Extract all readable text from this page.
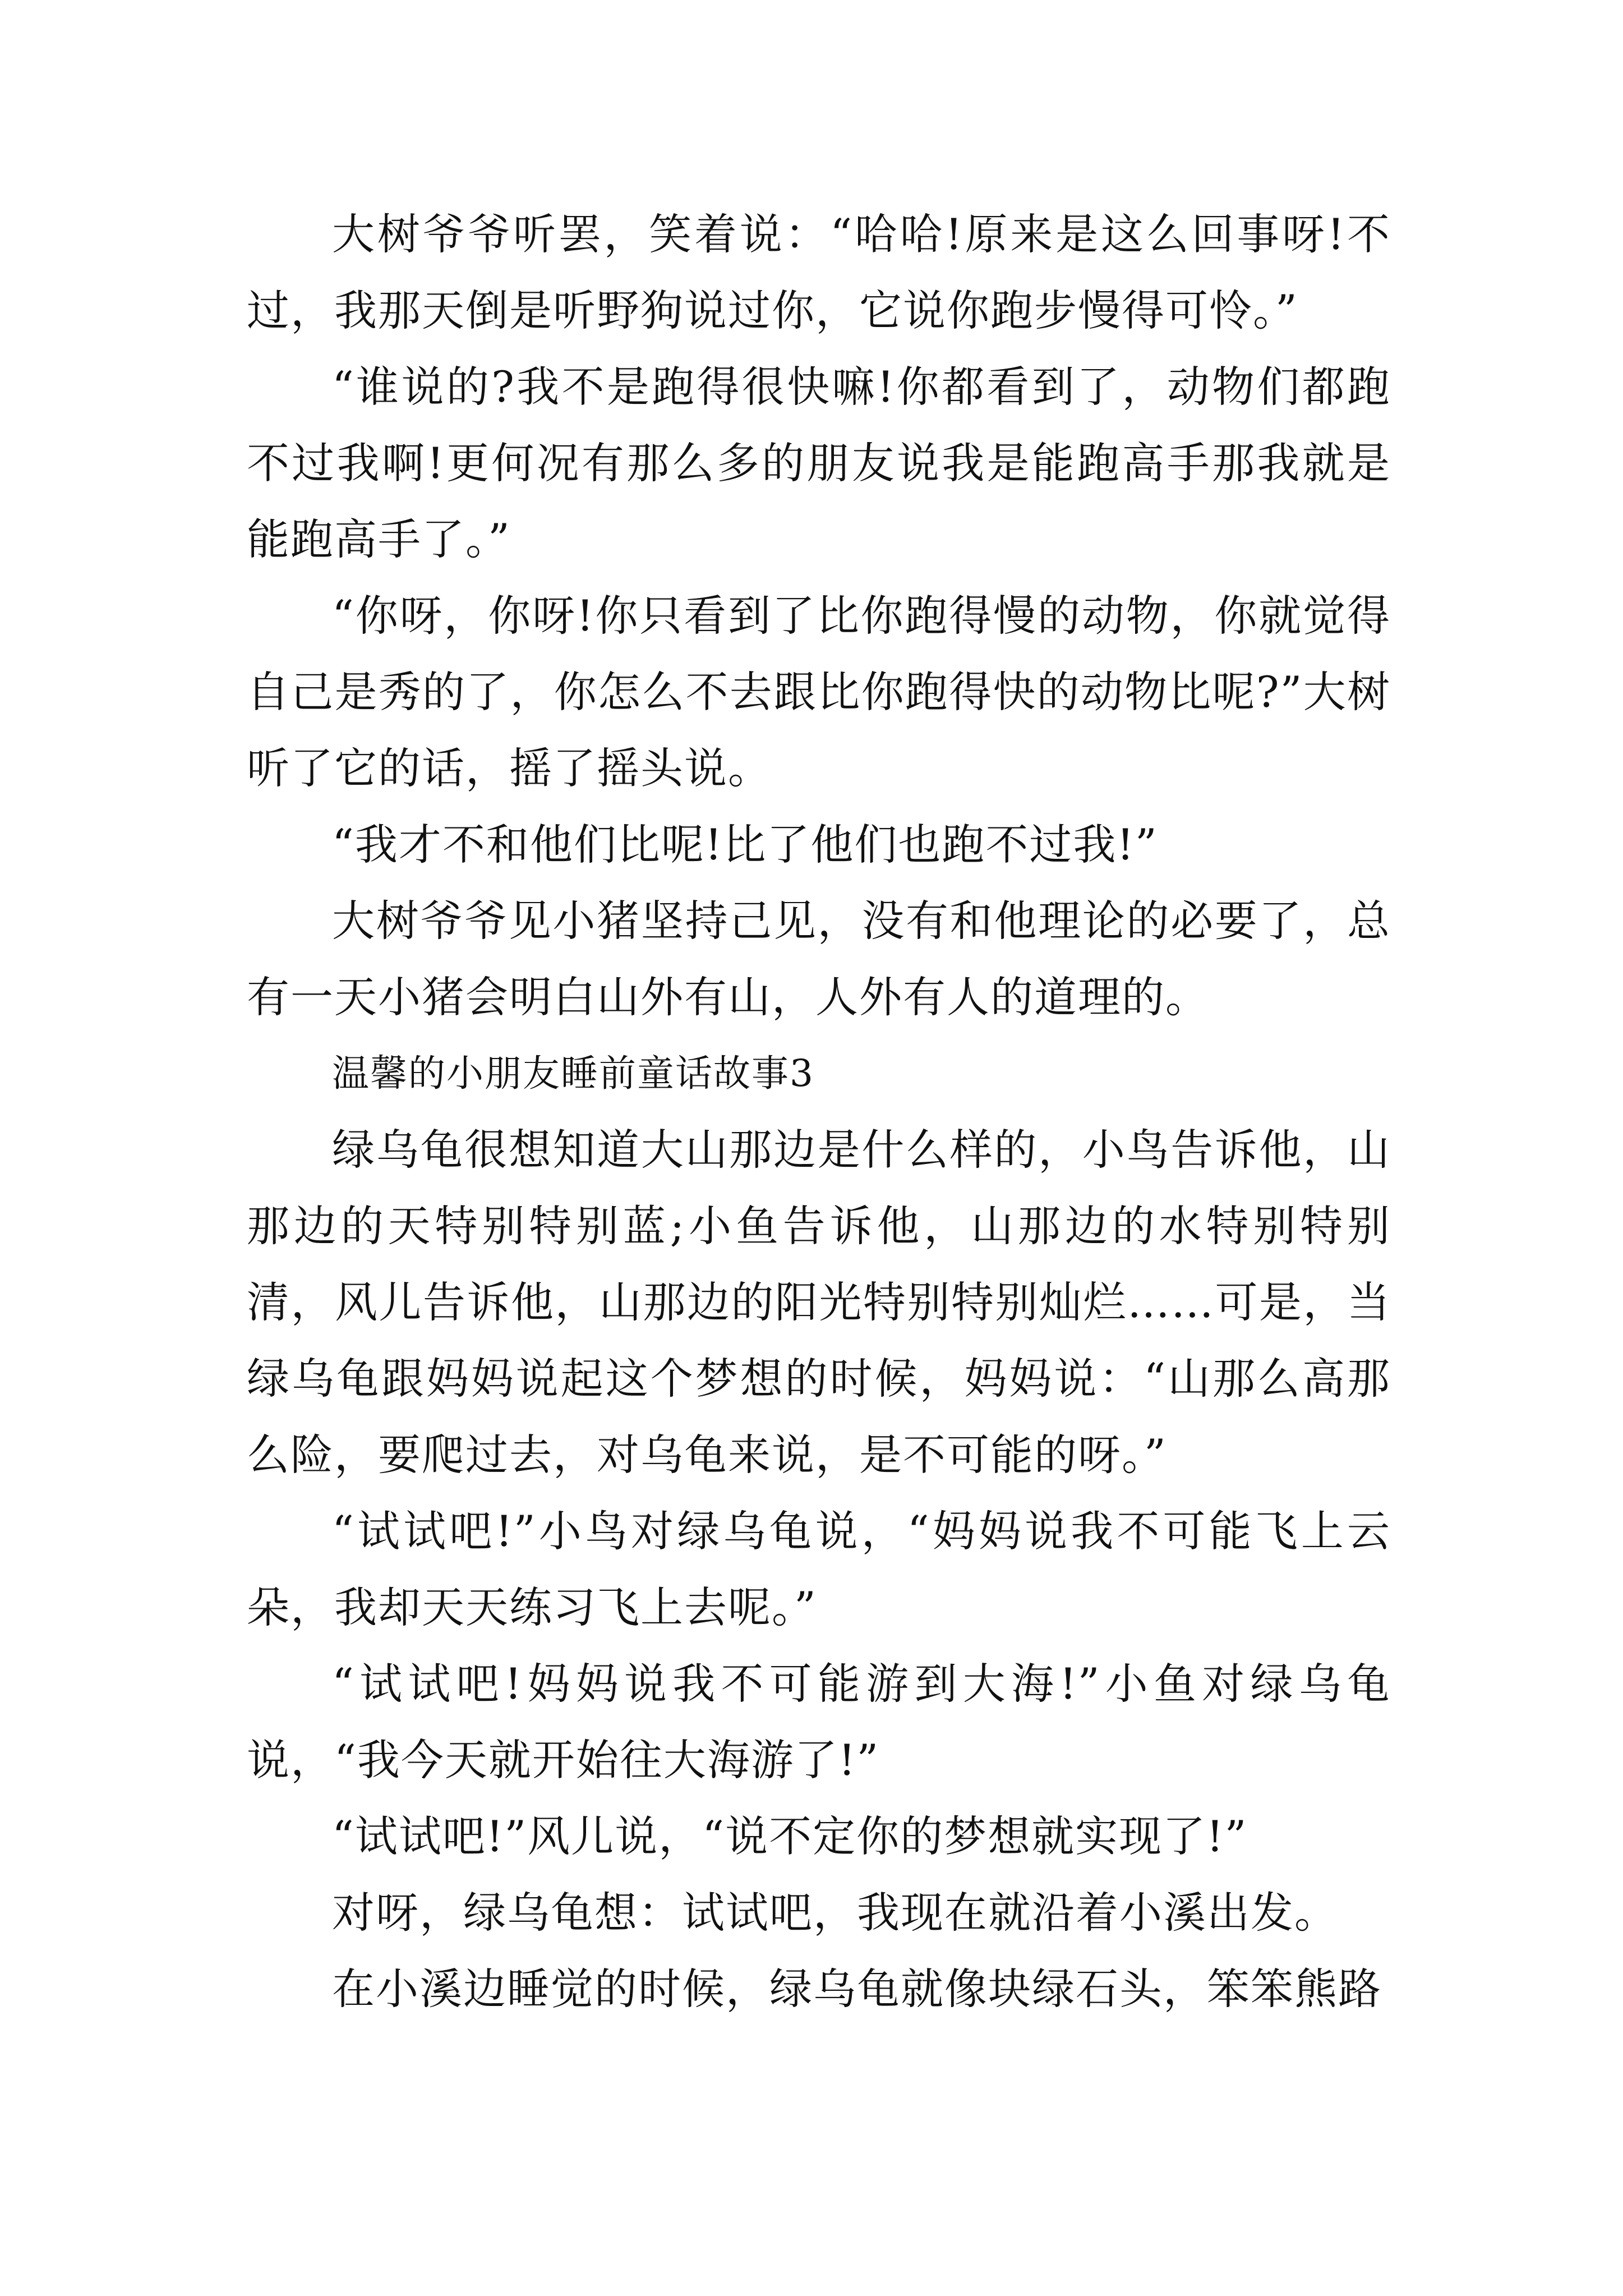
大树爷爷听罢，笑着说：“哈哈!原来是这么回事呀!不过，我那天倒是听野狗说过你，它说你跑步慢得可怜。”

“谁说的?我不是跑得很快嘛!你都看到了，动物们都跑不过我啊!更何况有那么多的朋友说我是能跑高手那我就是能跑高手了。”

“你呀，你呀!你只看到了比你跑得慢的动物，你就觉得自己是秀的了，你怎么不去跟比你跑得快的动物比呢?”大树听了它的话，摇了摇头说。

“我才不和他们比呢!比了他们也跑不过我!”

大树爷爷见小猪坚持己见，没有和他理论的必要了，总有一天小猪会明白山外有山，人外有人的道理的。

温馨的小朋友睡前童话故事3

绿乌龟很想知道大山那边是什么样的，小鸟告诉他，山那边的天特别特别蓝;小鱼告诉他，山那边的水特别特别清，风儿告诉他，山那边的阳光特别特别灿烂……可是，当绿乌龟跟妈妈说起这个梦想的时候，妈妈说：“山那么高那么险，要爬过去，对乌龟来说，是不可能的呀。”

“试试吧!”小鸟对绿乌龟说，“妈妈说我不可能飞上云朵，我却天天练习飞上去呢。”

“试试吧!妈妈说我不可能游到大海!”小鱼对绿乌龟说，“我今天就开始往大海游了!”

“试试吧!”风儿说，“说不定你的梦想就实现了!”

对呀，绿乌龟想：试试吧，我现在就沿着小溪出发。

在小溪边睡觉的时候，绿乌龟就像块绿石头，笨笨熊路
